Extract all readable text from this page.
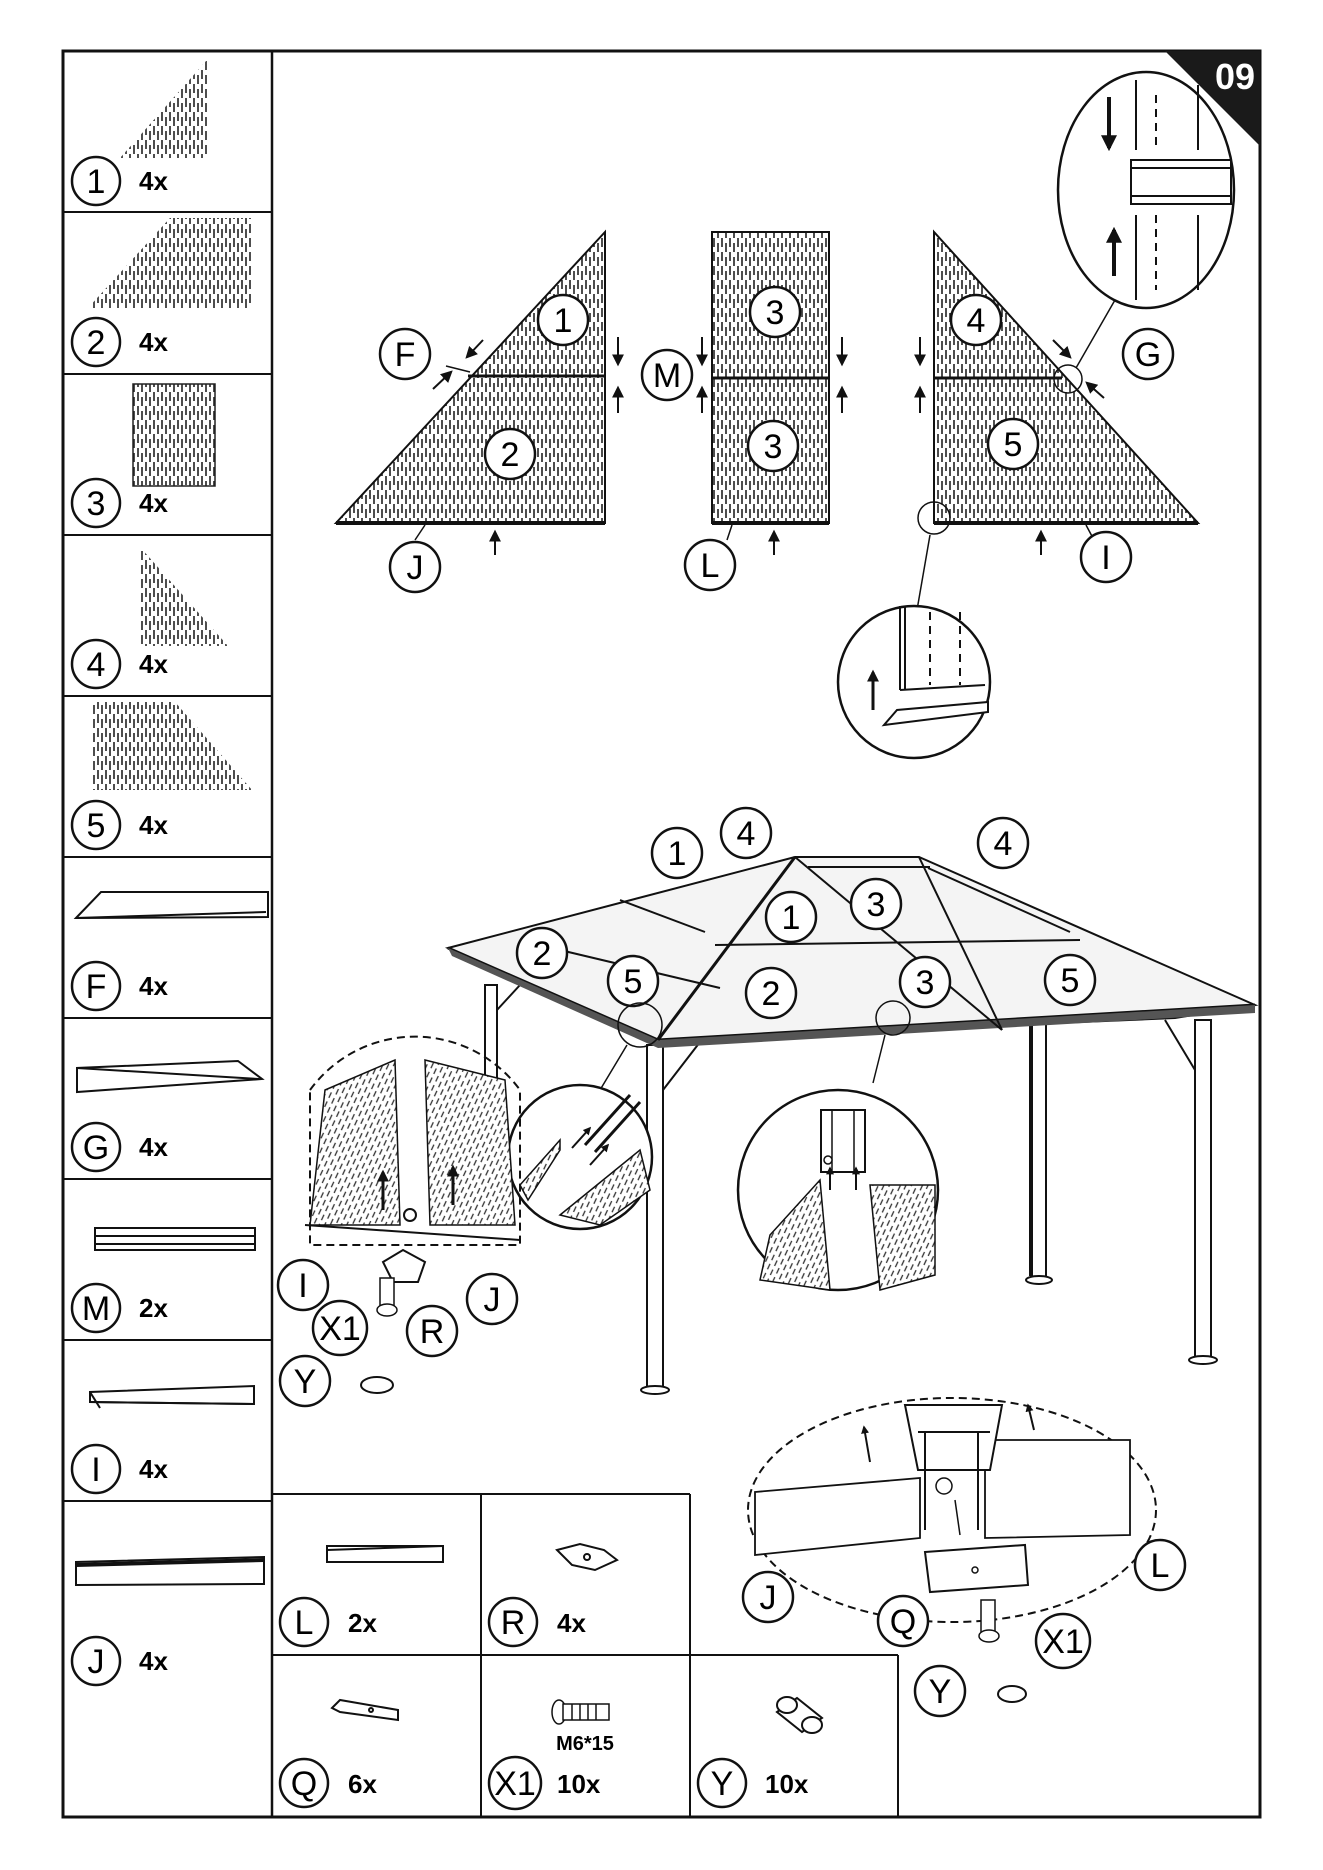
09
1 4x
2 4x
3 4x
4 4x
5 4x
F 4x
G 4x
M 2x
I 4x
J 4x
M6*15
L 2x	R 4x
Q 6x	X1 10x	Y 10x
1
2
F
J
3
3
M
L
4
5
G
I
1
4	4
2
1 3
5	2	3	5
I	J
X1 R
Y
J
L
Q
X1
Y
